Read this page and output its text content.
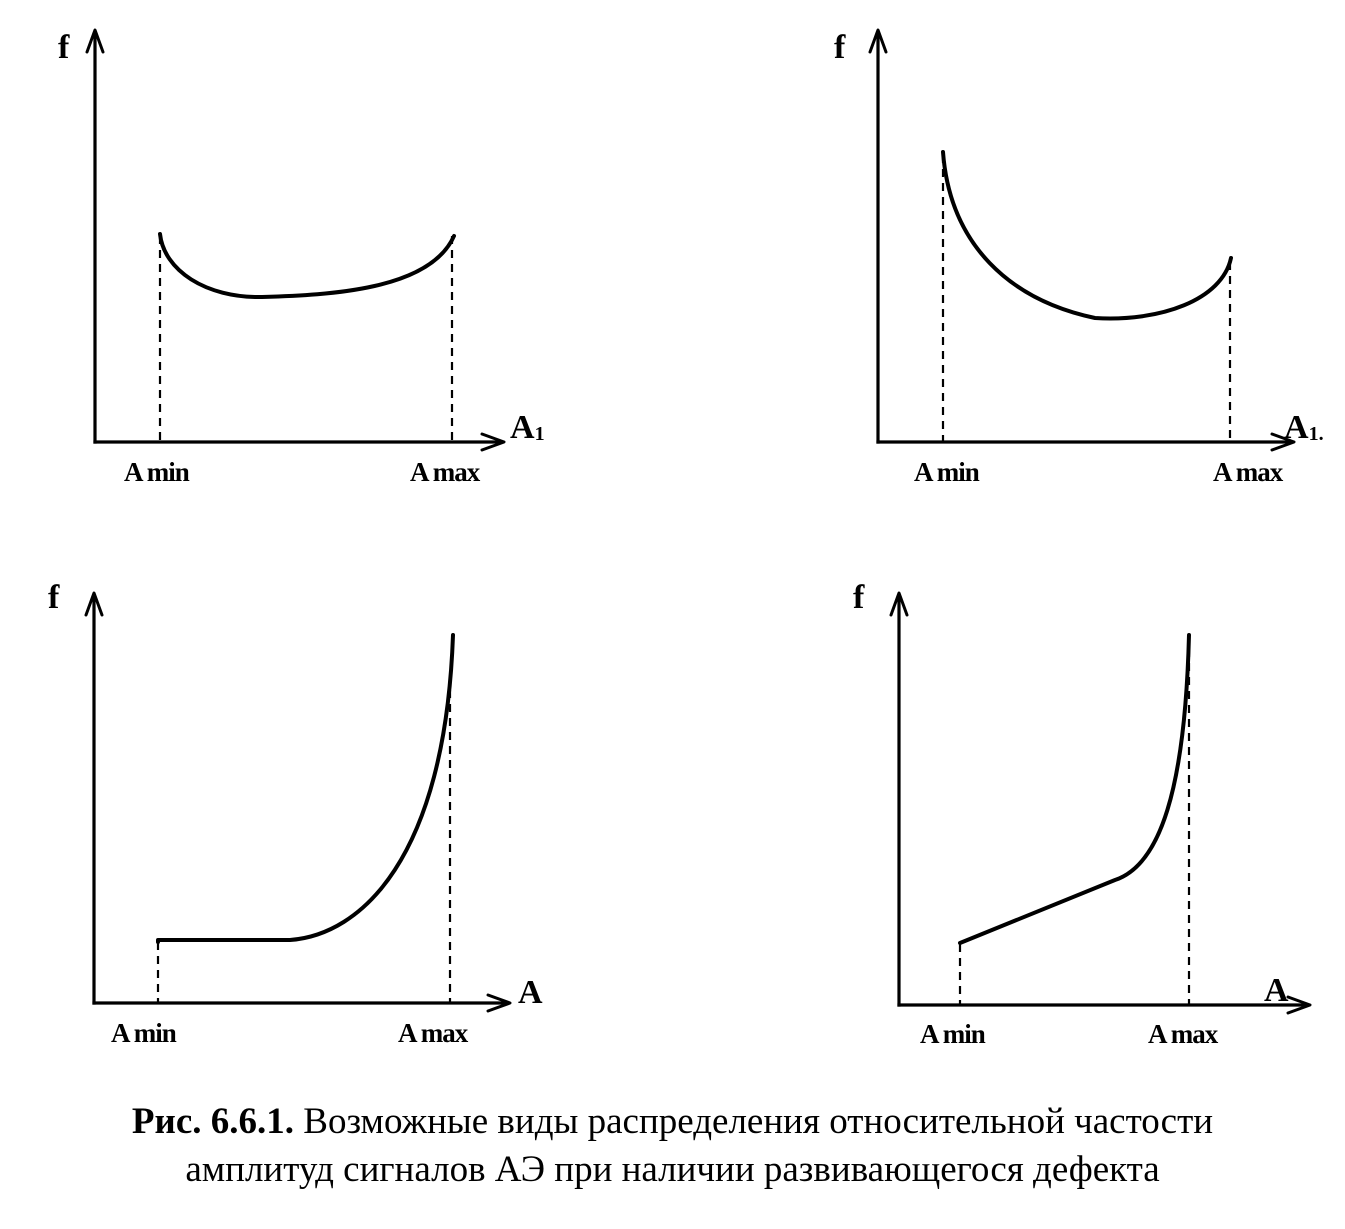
f
A1
A min	A max
f
A1.
A min	A max
f
A
A min	A max
f
A
A min	A max
Рис. 6.6.1. Возможные виды распределения относительной частости
амплитуд сигналов АЭ при наличии развивающегося дефекта
